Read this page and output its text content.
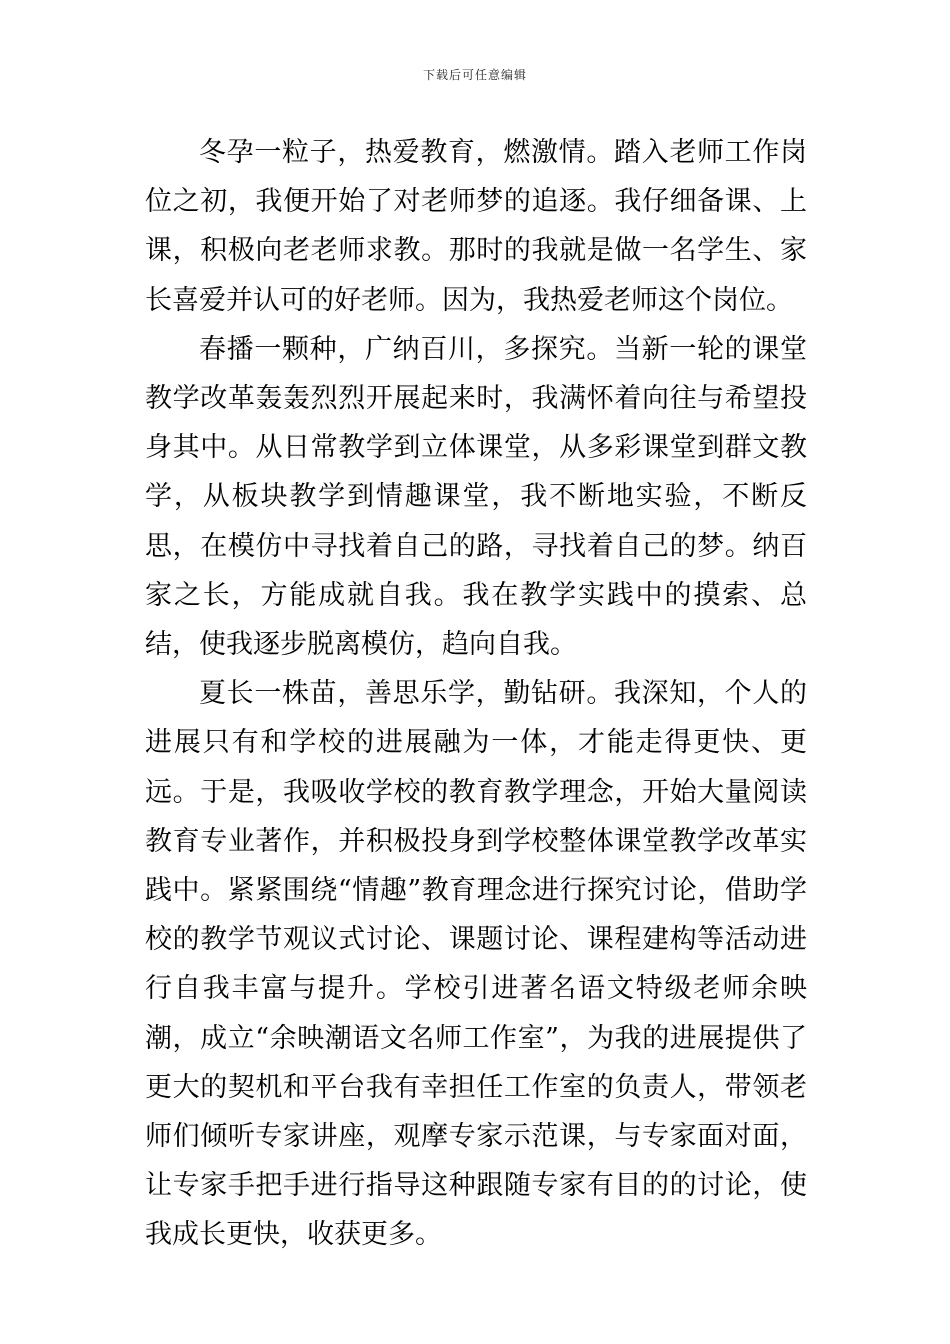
下载后可任意编辑

冬孕一粒子，热爱教育，燃激情。踏入老师工作岗位之初，我便开始了对老师梦的追逐。我仔细备课、上课，积极向老老师求教。那时的我就是做一名学生、家长喜爱并认可的好老师。因为，我热爱老师这个岗位。

春播一颗种，广纳百川，多探究。当新一轮的课堂教学改革轰轰烈烈开展起来时，我满怀着向往与希望投身其中。从日常教学到立体课堂，从多彩课堂到群文教学，从板块教学到情趣课堂，我不断地实验，不断反思，在模仿中寻找着自己的路，寻找着自己的梦。纳百家之长，方能成就自我。我在教学实践中的摸索、总结，使我逐步脱离模仿，趋向自我。

夏长一株苗，善思乐学，勤钻研。我深知，个人的进展只有和学校的进展融为一体，才能走得更快、更远。于是，我吸收学校的教育教学理念，开始大量阅读教育专业著作，并积极投身到学校整体课堂教学改革实践中。紧紧围绕“情趣”教育理念进行探究讨论，借助学校的教学节观议式讨论、课题讨论、课程建构等活动进行自我丰富与提升。学校引进著名语文特级老师余映潮，成立“余映潮语文名师工作室”，为我的进展提供了更大的契机和平台我有幸担任工作室的负责人，带领老师们倾听专家讲座，观摩专家示范课，与专家面对面，让专家手把手进行指导这种跟随专家有目的的讨论，使我成长更快，收获更多。
